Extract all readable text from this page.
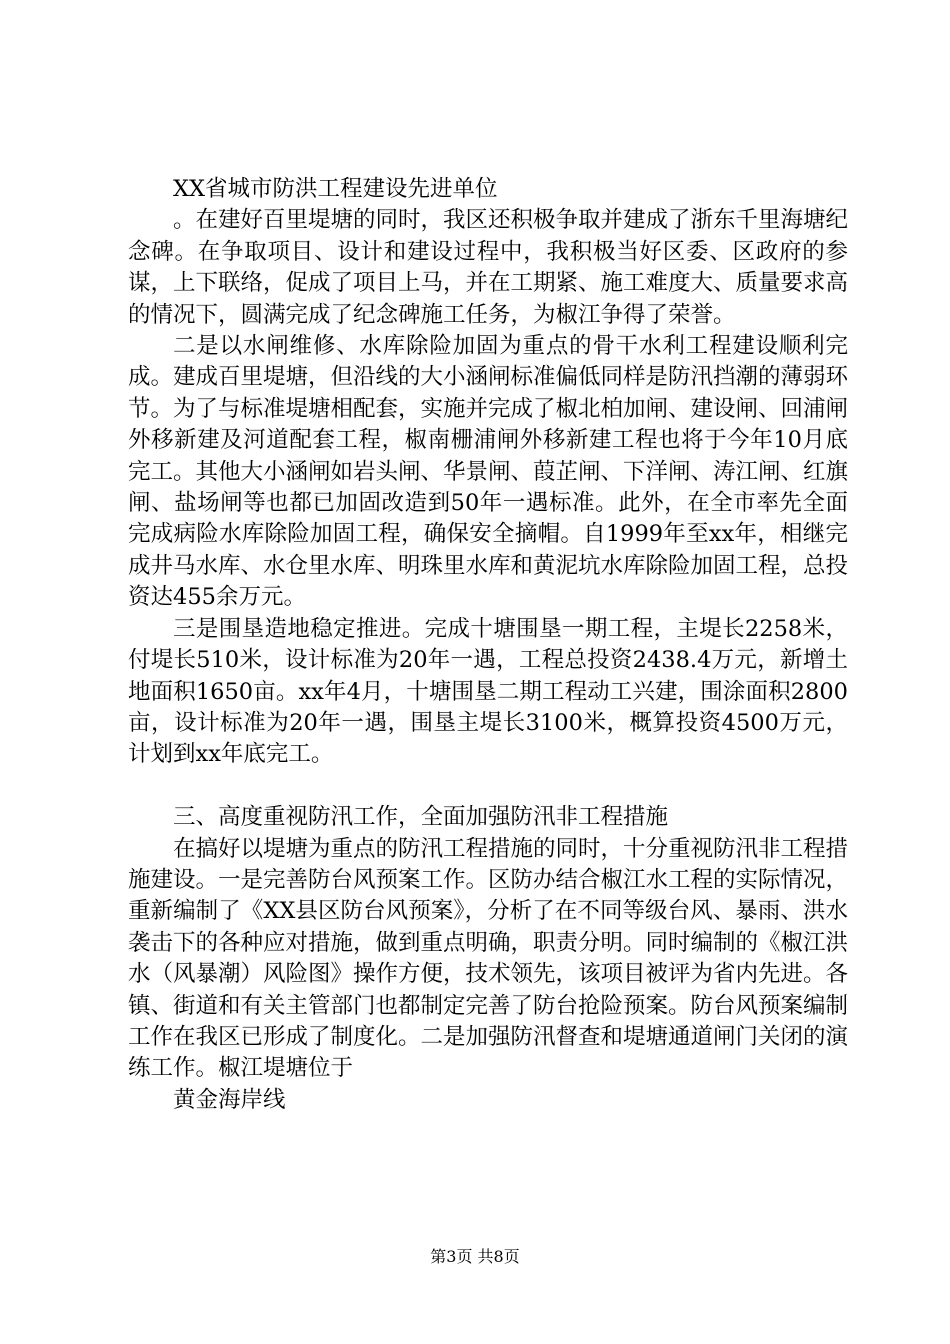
XX省城市防洪工程建设先进单位

。在建好百里堤塘的同时，我区还积极争取并建成了浙东千里海塘纪念碑。在争取项目、设计和建设过程中，我积极当好区委、区政府的参谋，上下联络，促成了项目上马，并在工期紧、施工难度大、质量要求高的情况下，圆满完成了纪念碑施工任务，为椒江争得了荣誉。

二是以水闸维修、水库除险加固为重点的骨干水利工程建设顺利完成。建成百里堤塘，但沿线的大小涵闸标准偏低同样是防汛挡潮的薄弱环节。为了与标准堤塘相配套，实施并完成了椒北柏加闸、建设闸、回浦闸外移新建及河道配套工程，椒南栅浦闸外移新建工程也将于今年10月底完工。其他大小涵闸如岩头闸、华景闸、葭芷闸、下洋闸、涛江闸、红旗闸、盐场闸等也都已加固改造到50年一遇标准。此外，在全市率先全面完成病险水库除险加固工程，确保安全摘帽。自1999年至xx年，相继完成井马水库、水仓里水库、明珠里水库和黄泥坑水库除险加固工程，总投资达455余万元。

三是围垦造地稳定推进。完成十塘围垦一期工程，主堤长2258米，付堤长510米，设计标准为20年一遇，工程总投资2438.4万元，新增土地面积1650亩。xx年4月，十塘围垦二期工程动工兴建，围涂面积2800亩，设计标准为20年一遇，围垦主堤长3100米，概算投资4500万元，计划到xx年底完工。

三、高度重视防汛工作，全面加强防汛非工程措施

在搞好以堤塘为重点的防汛工程措施的同时，十分重视防汛非工程措施建设。一是完善防台风预案工作。区防办结合椒江水工程的实际情况，重新编制了《XX县区防台风预案》，分析了在不同等级台风、暴雨、洪水袭击下的各种应对措施，做到重点明确，职责分明。同时编制的《椒江洪水（风暴潮）风险图》操作方便，技术领先，该项目被评为省内先进。各镇、街道和有关主管部门也都制定完善了防台抢险预案。防台风预案编制工作在我区已形成了制度化。二是加强防汛督查和堤塘通道闸门关闭的演练工作。椒江堤塘位于

黄金海岸线

第3页 共8页
